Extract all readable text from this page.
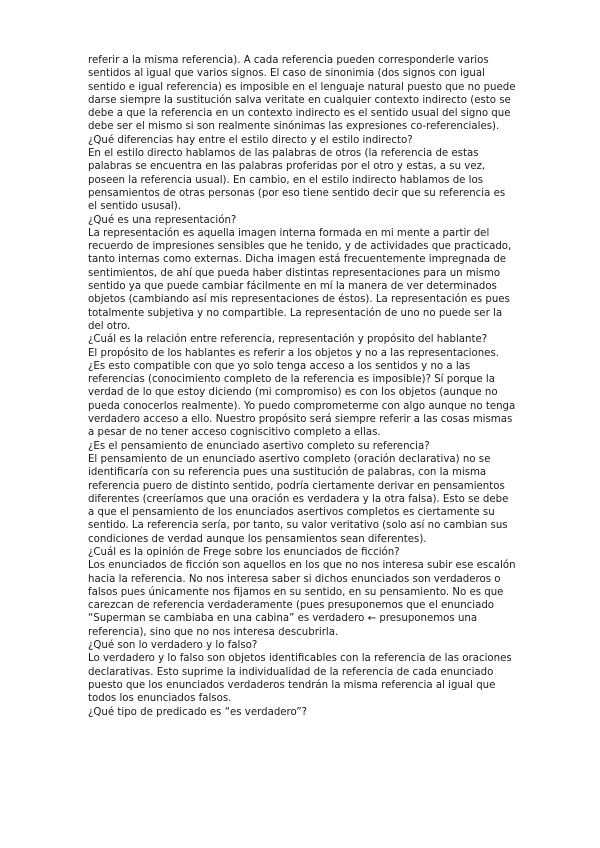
referir a la misma referencia). A cada referencia pueden corresponderle varios sentidos al igual que varios signos. El caso de sinonimia (dos signos con igual sentido e igual referencia) es imposible en el lenguaje natural puesto que no puede darse siempre la sustitución salva veritate en cualquier contexto indirecto (esto se debe a que la referencia en un contexto indirecto es el sentido usual del signo que debe ser el mismo si son realmente sinónimas las expresiones co-referenciales).

¿Qué diferencias hay entre el estilo directo y el estilo indirecto?

En el estilo directo hablamos de las palabras de otros (la referencia de estas palabras se encuentra en las palabras proferidas por el otro y estas, a su vez, poseen la referencia usual). En cambio, en el estilo indirecto hablamos de los pensamientos de otras personas (por eso tiene sentido decir que su referencia es el sentido ususal).

¿Qué es una representación?

La representación es aquella imagen interna formada en mi mente a partir del recuerdo de impresiones sensibles que he tenido, y de actividades que practicado, tanto internas como externas. Dicha imagen está frecuentemente impregnada de sentimientos, de ahí que pueda haber distintas representaciones para un mismo sentido ya que puede cambiar fácilmente en mí la manera de ver determinados objetos (cambiando así mis representaciones de éstos). La representación es pues totalmente subjetiva y no compartible. La representación de uno no puede ser la del otro.

¿Cuál es la relación entre referencia, representación y propósito del hablante?

El propósito de los hablantes es referir a los objetos y no a las representaciones. ¿Es esto compatible con que yo solo tenga acceso a los sentidos y no a las referencias (conocimiento completo de la referencia es imposible)? Sí porque la verdad de lo que estoy diciendo (mi compromiso) es con los objetos (aunque no pueda conocerlos realmente). Yo puedo comprometerme con algo aunque no tenga verdadero acceso a ello. Nuestro propósito será siempre referir a las cosas mismas a pesar de no tener acceso cogniscitivo completo a ellas.

¿Es el pensamiento de enunciado asertivo completo su referencia?

El pensamiento de un enunciado asertivo completo (oración declarativa) no se identificaría con su referencia pues una sustitución de palabras, con la misma referencia puero de distinto sentido, podría ciertamente derivar en pensamientos diferentes (creeríamos que una oración es verdadera y la otra falsa). Esto se debe a que el pensamiento de los enunciados asertivos completos es ciertamente su sentido. La referencia sería, por tanto, su valor veritativo (solo así no cambian sus condiciones de verdad aunque los pensamientos sean diferentes).

¿Cuál es la opinión de Frege sobre los enunciados de ficción?

Los enunciados de ficción son aquellos en los que no nos interesa subir ese escalón hacia la referencia. No nos interesa saber si dichos enunciados son verdaderos o falsos pues únicamente nos fijamos en su sentido, en su pensamiento. No es que carezcan de referencia verdaderamente (pues presuponemos que el enunciado “Superman se cambiaba en una cabina” es verdadero ← presuponemos una referencia), sino que no nos interesa descubrirla.

¿Qué son lo verdadero y lo falso?

Lo verdadero y lo falso son objetos identificables con la referencia de las oraciones declarativas. Esto suprime la individualidad de la referencia de cada enunciado puesto que los enunciados verdaderos tendrán la misma referencia al igual que todos los enunciados falsos.

¿Qué tipo de predicado es “es verdadero”?
